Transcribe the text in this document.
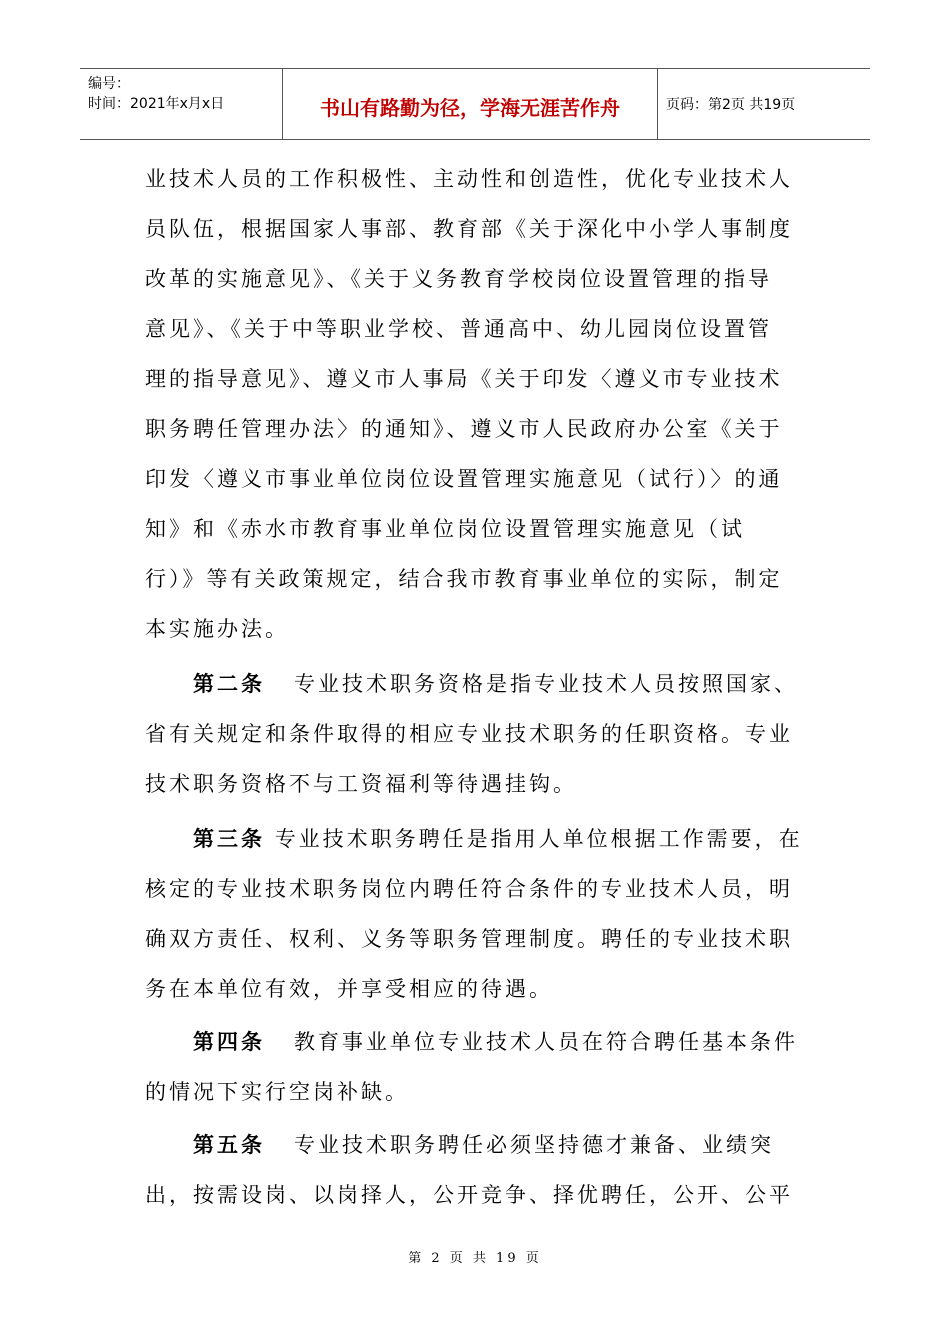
编号：
时间：2021年x月x日	书山有路勤为径，学海无涯苦作舟	页码：第2页 共19页
业技术人员的工作积极性、主动性和创造性，优化专业技术人
员队伍，根据国家人事部、教育部《关于深化中小学人事制度
改革的实施意见》、《关于义务教育学校岗位设置管理的指导
意见》、《关于中等职业学校、普通高中、幼儿园岗位设置管
理的指导意见》、遵义市人事局《关于印发〈遵义市专业技术
职务聘任管理办法〉的通知》、遵义市人民政府办公室《关于
印发〈遵义市事业单位岗位设置管理实施意见（试行）〉的通
知》和《赤水市教育事业单位岗位设置管理实施意见（试
行）》等有关政策规定，结合我市教育事业单位的实际，制定
本实施办法。
第二条 专业技术职务资格是指专业技术人员按照国家、
省有关规定和条件取得的相应专业技术职务的任职资格。专业
技术职务资格不与工资福利等待遇挂钩。
第三条 专业技术职务聘任是指用人单位根据工作需要，在
核定的专业技术职务岗位内聘任符合条件的专业技术人员，明
确双方责任、权利、义务等职务管理制度。聘任的专业技术职
务在本单位有效，并享受相应的待遇。
第四条 教育事业单位专业技术人员在符合聘任基本条件
的情况下实行空岗补缺。
第五条 专业技术职务聘任必须坚持德才兼备、业绩突
出，按需设岗、以岗择人，公开竞争、择优聘任，公开、公平
第 2 页 共 19 页
